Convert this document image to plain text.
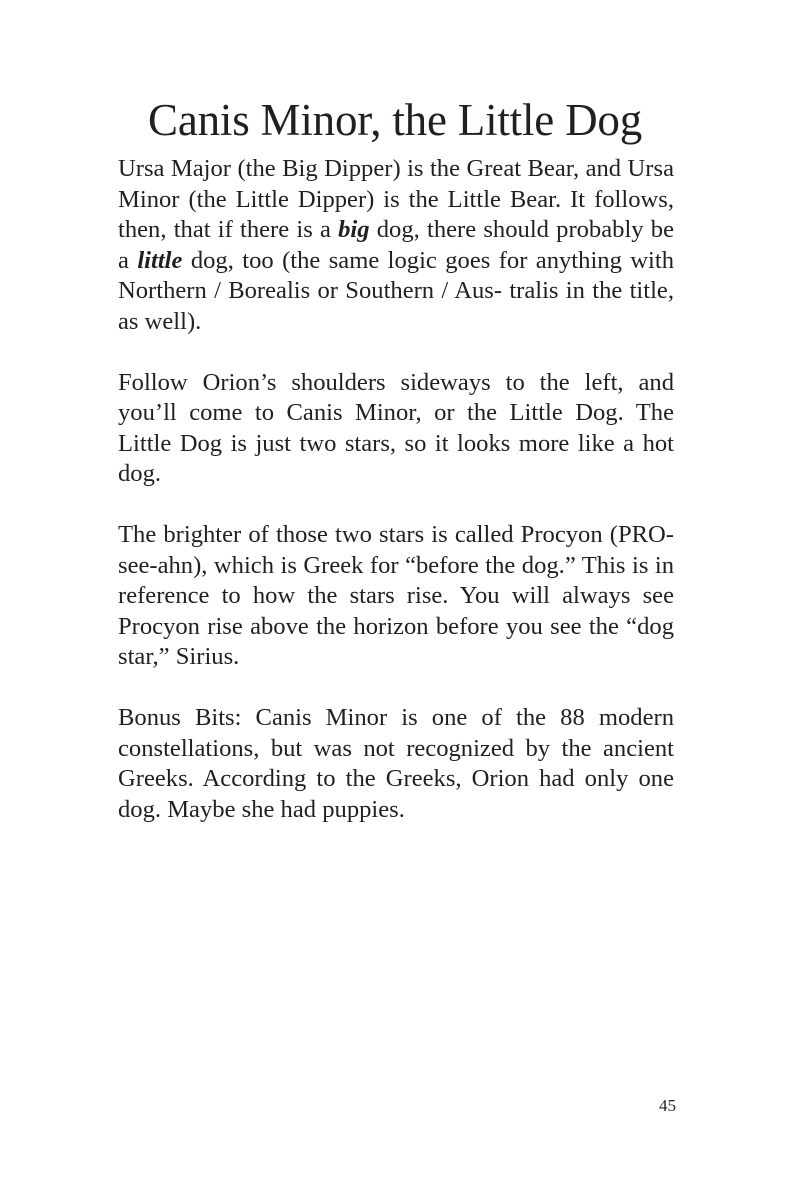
Canis Minor, the Little Dog

Ursa Major (the Big Dipper) is the Great Bear, and Ursa Minor (the Little Dipper) is the Little Bear. It follows, then, that if there is a big dog, there should probably be a little dog, too (the same logic goes for anything with Northern / Borealis or Southern / Aus- tralis in the title, as well).

Follow Orion’s shoulders sideways to the left, and you’ll come to Canis Minor, or the Little Dog. The Little Dog is just two stars, so it looks more like a hot dog.

The brighter of those two stars is called Procyon (PRO-see-ahn), which is Greek for “before the dog.” This is in reference to how the stars rise. You will always see Procyon rise above the horizon before you see the “dog star,” Sirius.

Bonus Bits: Canis Minor is one of the 88 modern constellations, but was not recognized by the ancient Greeks. According to the Greeks, Orion had only one dog. Maybe she had puppies.

45
